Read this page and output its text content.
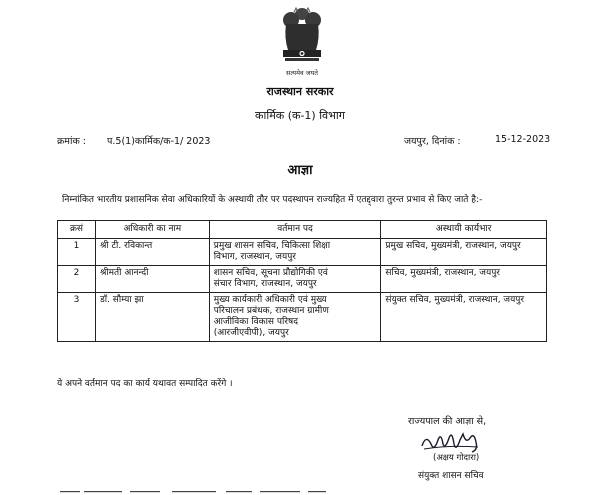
सत्यमेव जयते
राजस्थान सरकार
कार्मिक (क-1) विभाग
क्रमांक : प.5(1)कार्मिक/क-1/ 2023	जयपुर, दिनांक :	15-12-2023
आज्ञा
निम्नांकित भारतीय प्रशासनिक सेवा अधिकारियों के अस्थायी तौर पर पदस्थापन राज्यहित में एतद्द्वारा तुरन्त प्रभाव से किए जाते है:-
क्रसं	अधिकारी का नाम	वर्तमान पद	अस्थायी कार्यभार
1	श्री टी. रविकान्त	प्रमुख शासन सचिव, चिकित्सा शिक्षा
विभाग, राजस्थान, जयपुर	प्रमुख सचिव, मुख्यमंत्री, राजस्थान, जयपुर
2	श्रीमती आनन्दी	शासन सचिव, सूचना प्रौद्योगिकी एवं
संचार विभाग, राजस्थान, जयपुर	सचिव, मुख्यमंत्री, राजस्थान, जयपुर
3	डॉ. सौम्या झा	मुख्य कार्यकारी अधिकारी एवं मुख्य
परिचालन प्रबंधक, राजस्थान ग्रामीण
आजीविका विकास परिषद
(आरजीएवीपी), जयपुर	संयुक्त सचिव, मुख्यमंत्री, राजस्थान, जयपुर
ये अपने वर्तमान पद का कार्य यथावत सम्पादित करेंगे ।
राज्यपाल की आज्ञा से,
(अक्षय गोदारा)
संयुक्त शासन सचिव
